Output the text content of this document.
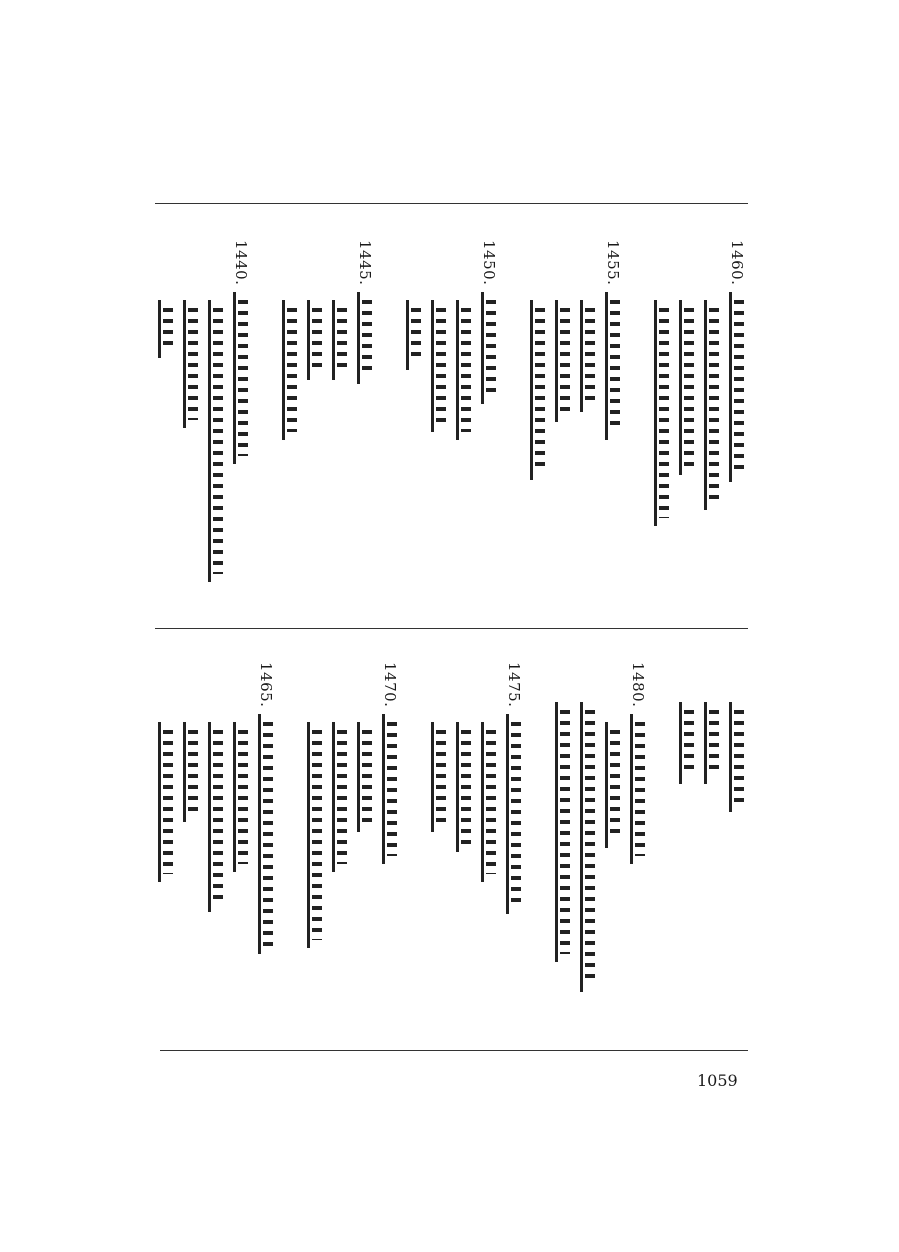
1460.
1455.
1450.
1445.
1440.
1480.
1475.
1470.
1465.
1059
